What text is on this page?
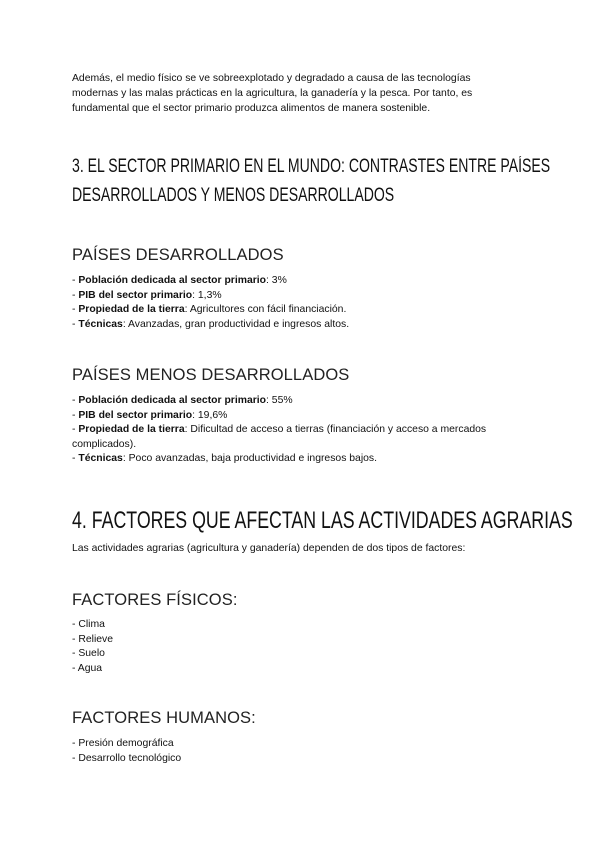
Además, el medio físico se ve sobreexplotado y degradado a causa de las tecnologías
modernas y las malas prácticas en la agricultura, la ganadería y la pesca. Por tanto, es
fundamental que el sector primario produzca alimentos de manera sostenible.
3. EL SECTOR PRIMARIO EN EL MUNDO: CONTRASTES ENTRE PAÍSES
DESARROLLADOS Y MENOS DESARROLLADOS
PAÍSES DESARROLLADOS
- Población dedicada al sector primario: 3%
- PIB del sector primario: 1,3%
- Propiedad de la tierra: Agricultores con fácil financiación.
- Técnicas: Avanzadas, gran productividad e ingresos altos.
PAÍSES MENOS DESARROLLADOS
- Población dedicada al sector primario: 55%
- PIB del sector primario: 19,6%
- Propiedad de la tierra: Dificultad de acceso a tierras (financiación y acceso a mercados
complicados).
- Técnicas: Poco avanzadas, baja productividad e ingresos bajos.
4. FACTORES QUE AFECTAN LAS ACTIVIDADES AGRARIAS

Las actividades agrarias (agricultura y ganadería) dependen de dos tipos de factores:

FACTORES FÍSICOS:
- Clima
- Relieve
- Suelo
- Agua
FACTORES HUMANOS:
- Presión demográfica
- Desarrollo tecnológico
